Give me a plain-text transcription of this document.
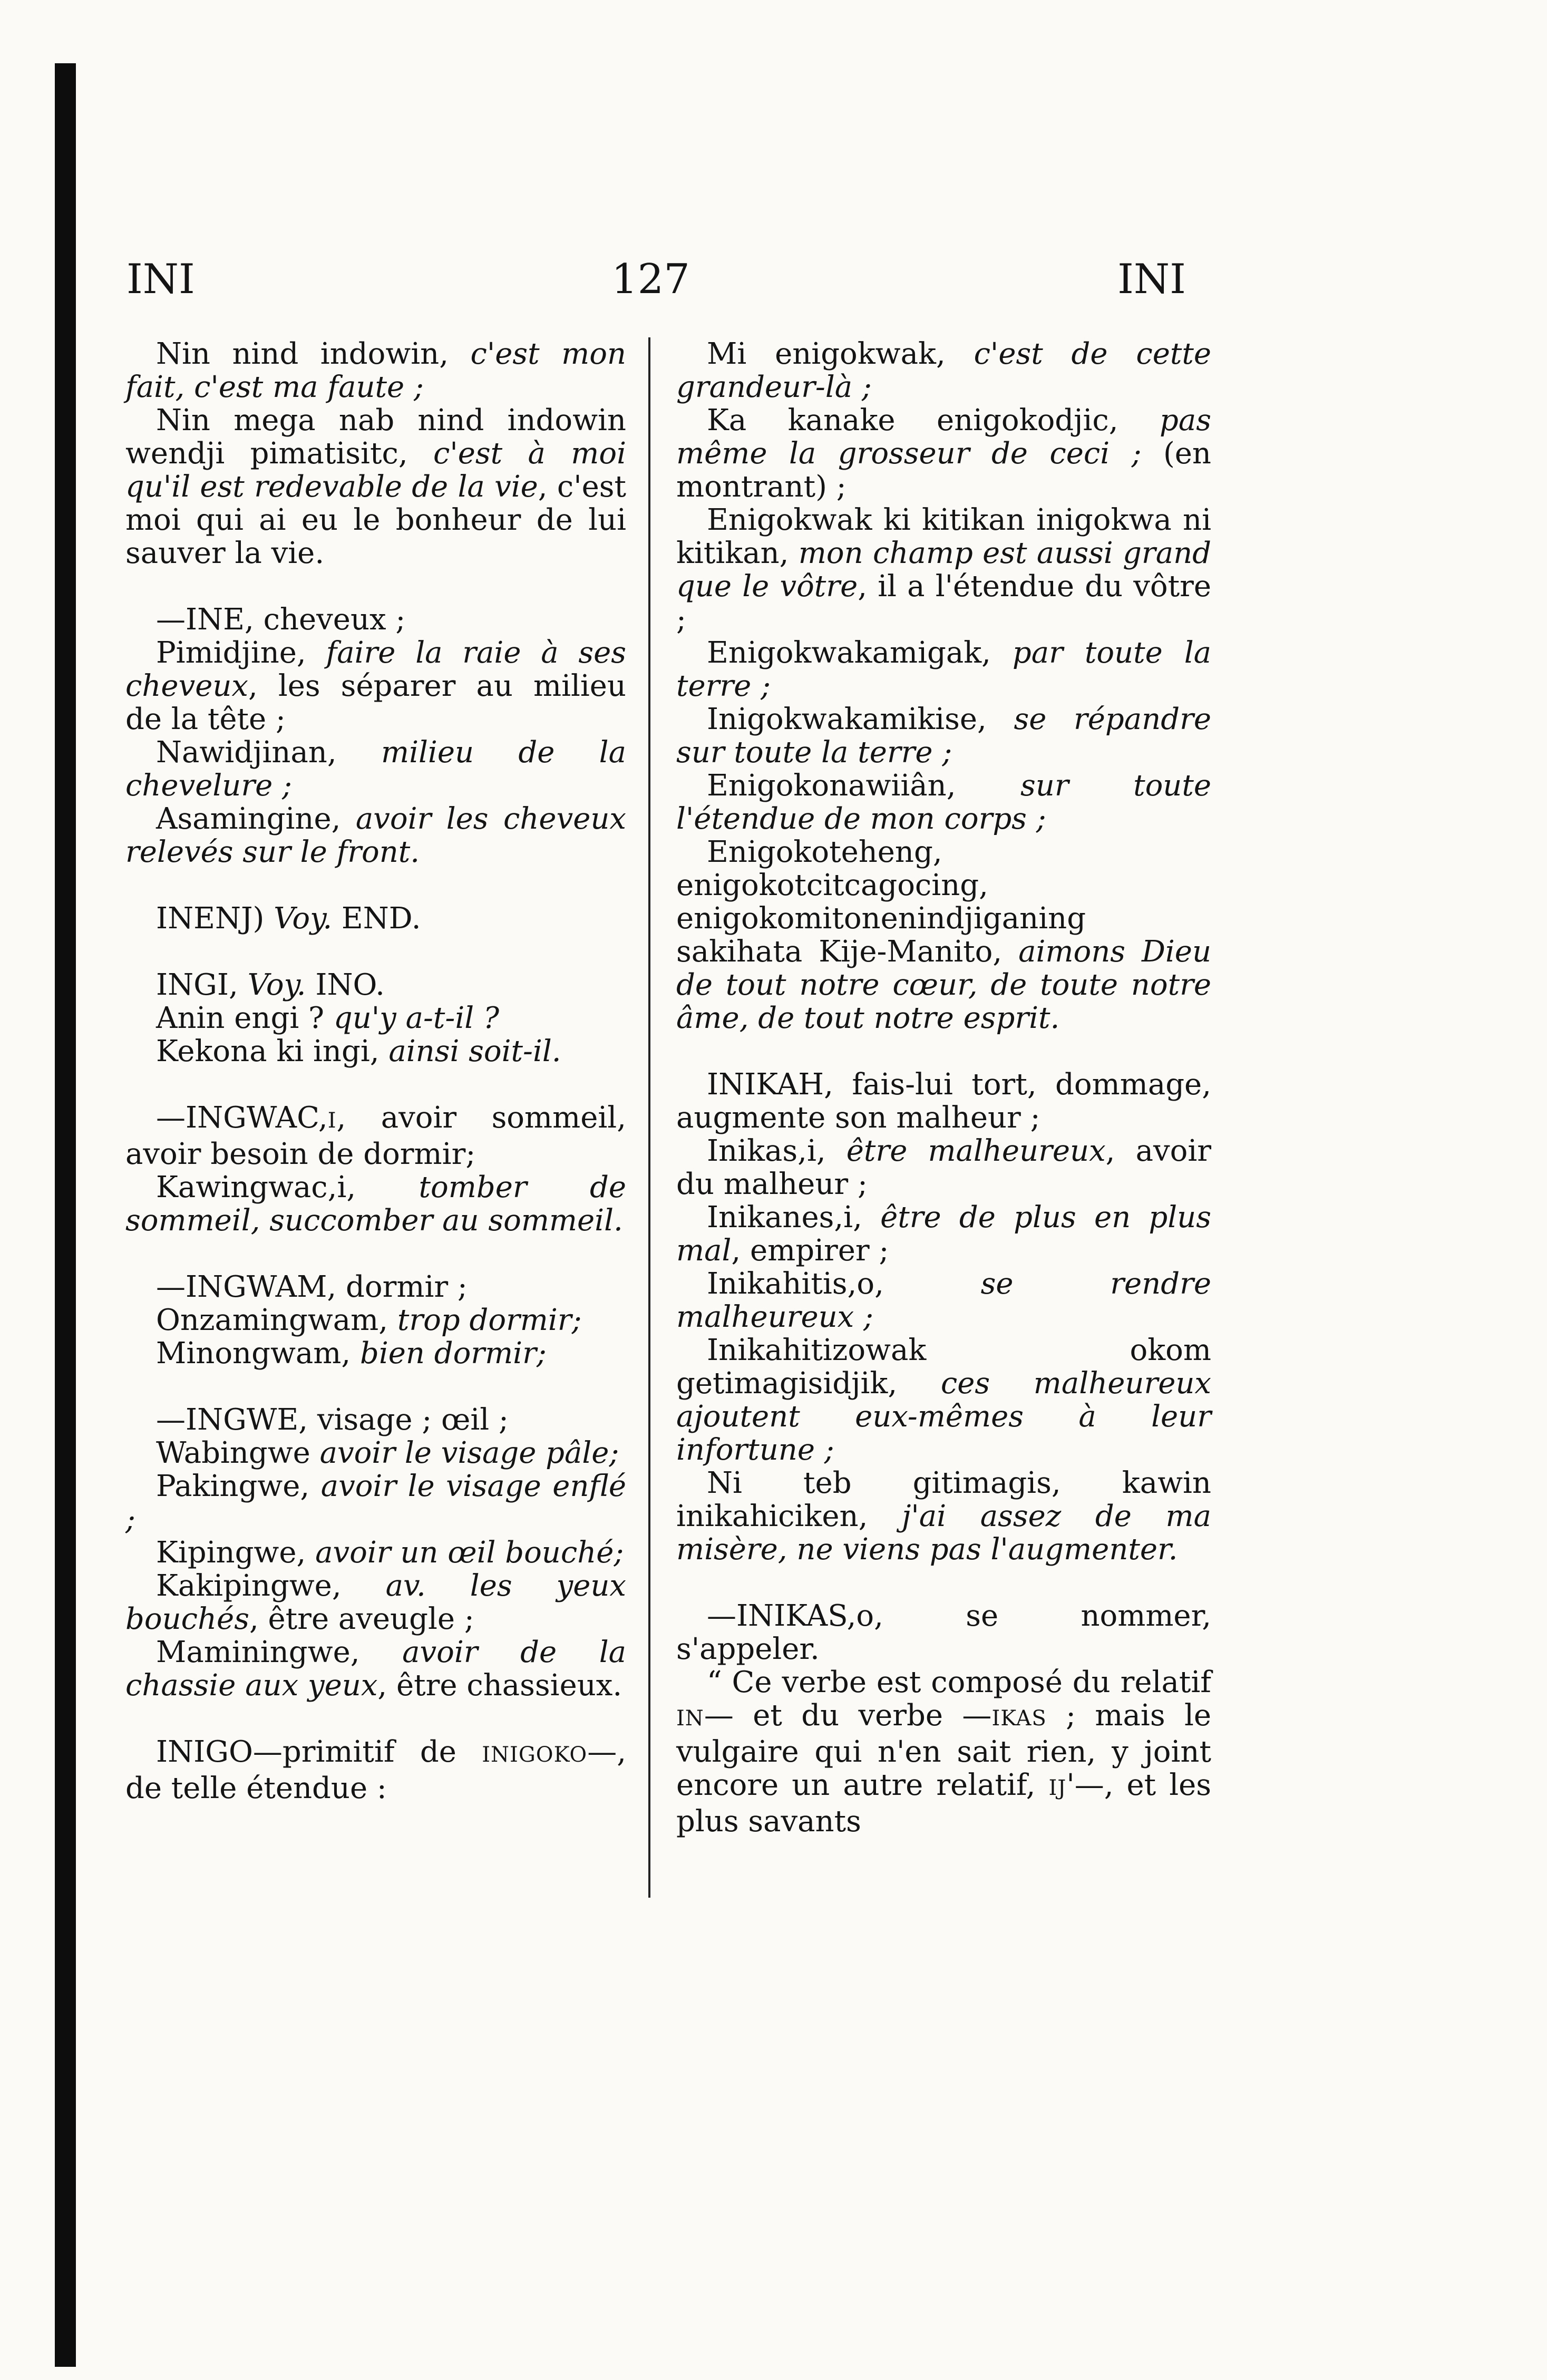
INI	127	INI

Nin nind indowin, c'est mon fait, c'est ma faute ;

Nin mega nab nind indowin wendji pimatisitc, c'est à moi qu'il est redevable de la vie, c'est moi qui ai eu le bonheur de lui sauver la vie.

—INE, cheveux ;

Pimidjine, faire la raie à ses cheveux, les séparer au milieu de la tête ;

Nawidjinan, milieu de la chevelure ;

Asamingine, avoir les cheveux relevés sur le front.

INENJ) Voy. END.

INGI, Voy. INO.

Anin engi ? qu'y a-t-il ?

Kekona ki ingi, ainsi soit-il.

—INGWAC,I, avoir sommeil, avoir besoin de dormir;

Kawingwac,i, tomber de sommeil, succomber au sommeil.

—INGWAM, dormir ;

Onzamingwam, trop dormir;

Minongwam, bien dormir;

—INGWE, visage ; œil ;

Wabingwe avoir le visage pâle;

Pakingwe, avoir le visage enflé ;

Kipingwe, avoir un œil bouché;

Kakipingwe, av. les yeux bouchés, être aveugle ;

Maminingwe, avoir de la chassie aux yeux, être chassieux.

INIGO—primitif de INIGOKO—, de telle étendue :

Mi enigokwak, c'est de cette grandeur-là ;

Ka kanake enigokodjic, pas même la grosseur de ceci ; (en montrant) ;

Enigokwak ki kitikan inigokwa ni kitikan, mon champ est aussi grand que le vôtre, il a l'étendue du vôtre ;

Enigokwakamigak, par toute la terre ;

Inigokwakamikise, se répandre sur toute la terre ;

Enigokonawiiân, sur toute l'étendue de mon corps ;

Enigokoteheng, enigokotcitcagocing, enigokomitonenindjiganing sakihata Kije-Manito, aimons Dieu de tout notre cœur, de toute notre âme, de tout notre esprit.

INIKAH, fais-lui tort, dommage, augmente son malheur ;

Inikas,i, être malheureux, avoir du malheur ;

Inikanes,i, être de plus en plus mal, empirer ;

Inikahitis,o, se rendre malheureux ;

Inikahitizowak okom getimagisidjik, ces malheureux ajoutent eux-mêmes à leur infortune ;

Ni teb gitimagis, kawin inikahiciken, j'ai assez de ma misère, ne viens pas l'augmenter.

—INIKAS,o, se nommer, s'appeler.

“ Ce verbe est composé du relatif IN— et du verbe —IKAS ; mais le vulgaire qui n'en sait rien, y joint encore un autre relatif, IJ'—, et les plus savants
